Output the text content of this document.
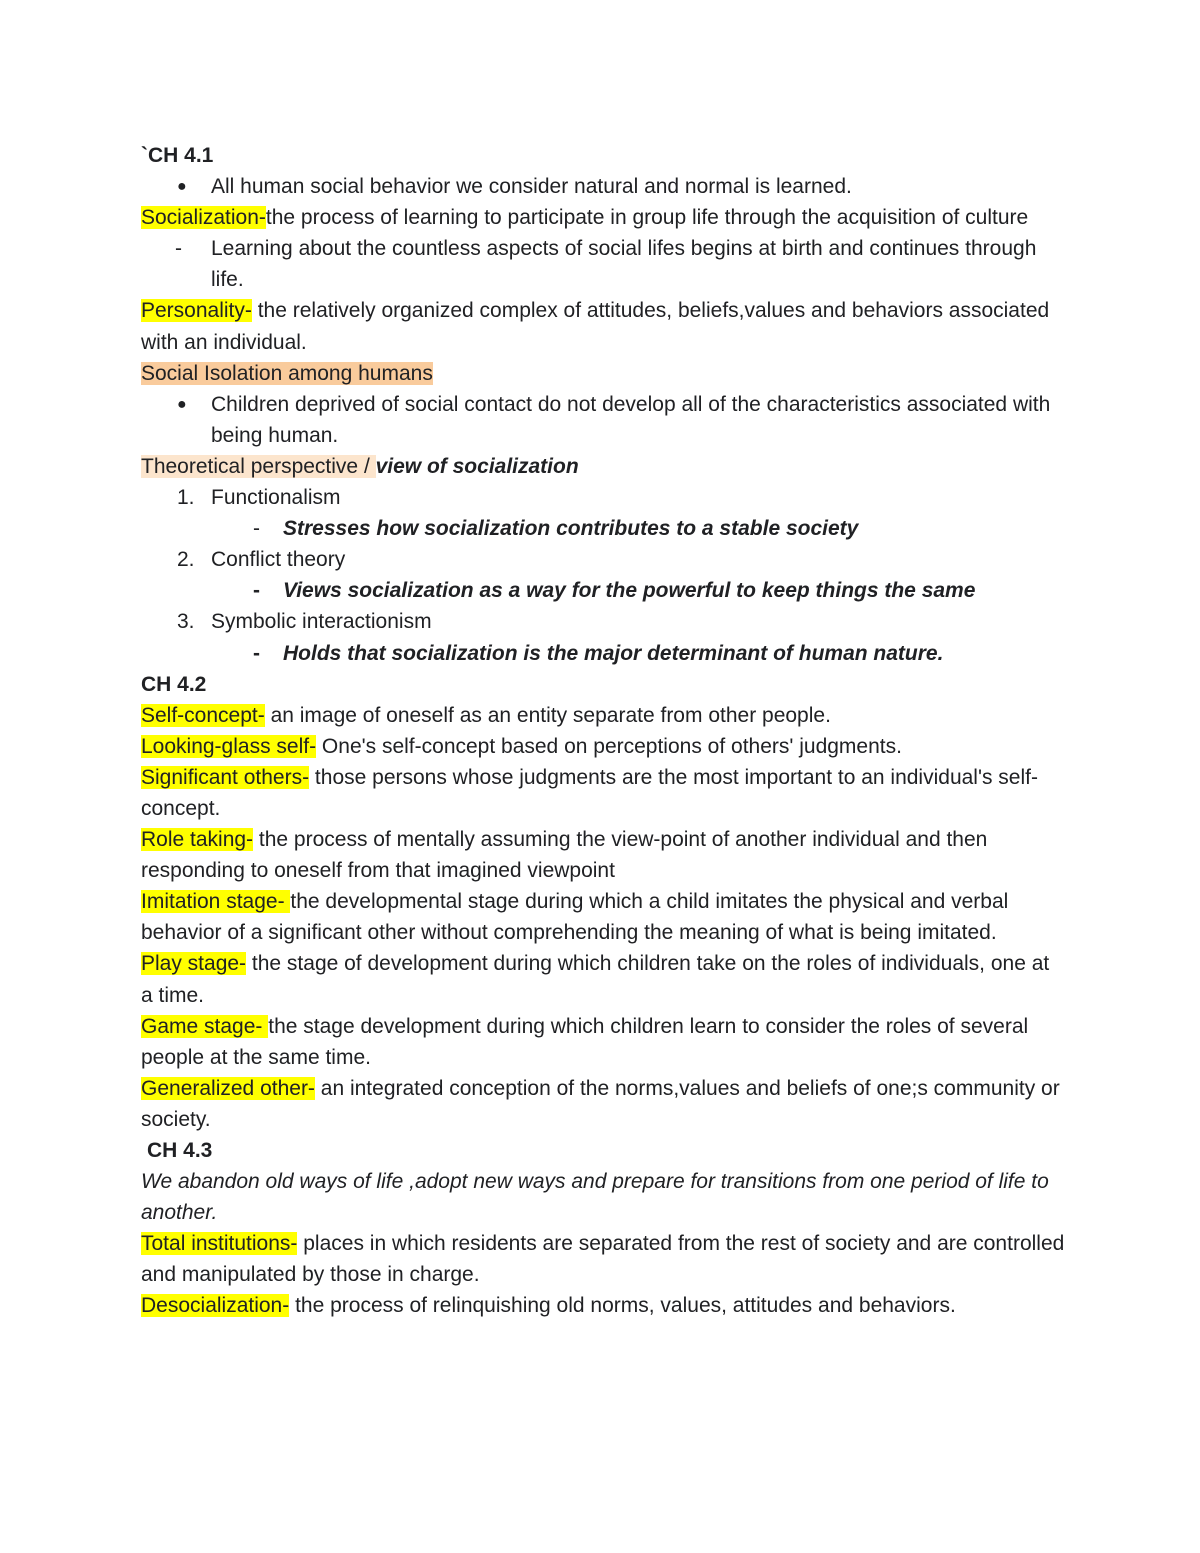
`CH 4.1
● All human social behavior we consider natural and normal is learned.
Socialization-the process of learning to participate in group life through the acquisition of culture
- Learning about the countless aspects of social lifes begins at birth and continues through life.
Personality- the relatively organized complex of attitudes, beliefs,values and behaviors associated with an individual.
Social Isolation among humans
● Children deprived of social contact do not develop all of the characteristics associated with being human.
Theoretical perspective / view of socialization
1. Functionalism
- Stresses how socialization contributes to a stable society
2. Conflict theory
- Views socialization as a way for the powerful to keep things the same
3. Symbolic interactionism
- Holds that socialization is the major determinant of human nature.
CH 4.2
Self-concept- an image of oneself as an entity separate from other people.
Looking-glass self- One's self-concept based on perceptions of others' judgments.
Significant others- those persons whose judgments are the most important to an individual's self-concept.
Role taking- the process of mentally assuming the view-point of another individual and then responding to oneself from that imagined viewpoint
Imitation stage- the developmental stage during which a child imitates the physical and verbal behavior of a significant other without comprehending the meaning of what is being imitated.
Play stage- the stage of development during which children take on the roles of individuals, one at a time.
Game stage- the stage development during which children learn to consider the roles of several people at the same time.
Generalized other- an integrated conception of the norms,values and beliefs of one;s community or society.
CH 4.3
We abandon old ways of life ,adopt new ways and prepare for transitions from one period of life to another.
Total institutions- places in which residents are separated from the rest of society and are controlled and manipulated by those in charge.
Desocialization- the process of relinquishing old norms, values, attitudes and behaviors.
